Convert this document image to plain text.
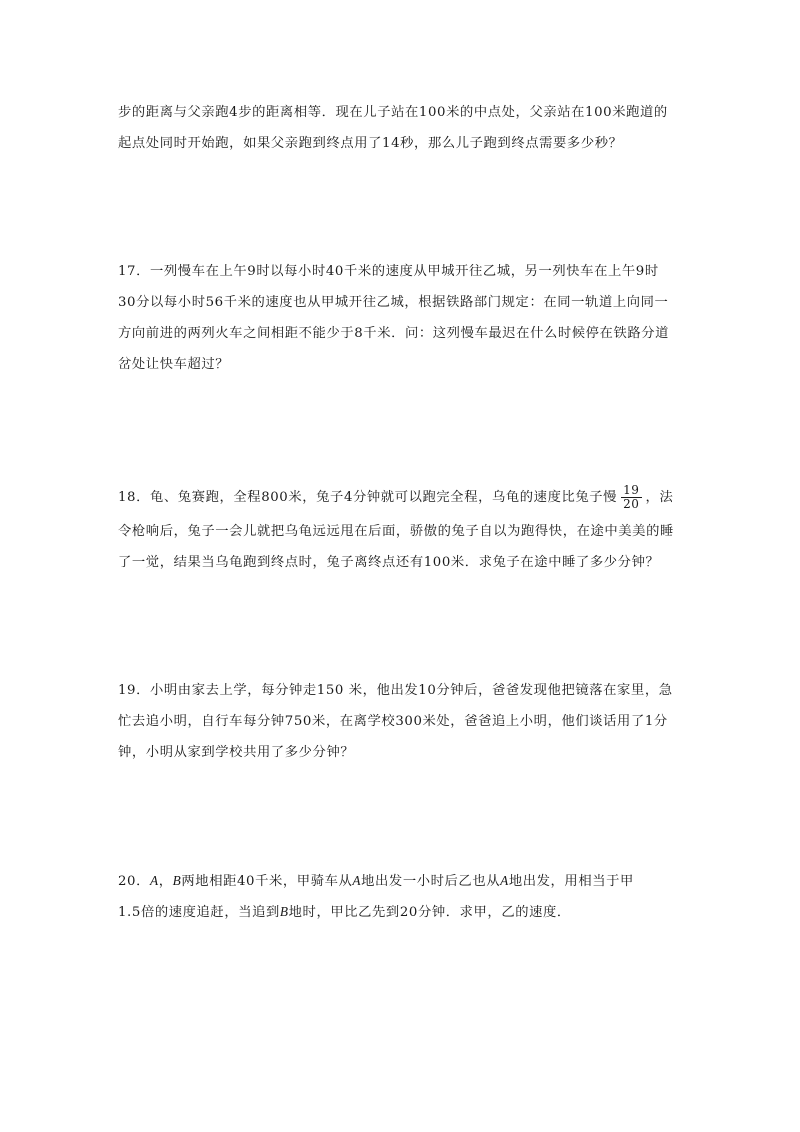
步的距离与父亲跑4步的距离相等．现在儿子站在100米的中点处，父亲站在100米跑道的
起点处同时开始跑，如果父亲跑到终点用了14秒，那么儿子跑到终点需要多少秒？
17．一列慢车在上午9时以每小时40千米的速度从甲城开往乙城，另一列快车在上午9时
30分以每小时56千米的速度也从甲城开往乙城，根据铁路部门规定：在同一轨道上向同一
方向前进的两列火车之间相距不能少于8千米．问：这列慢车最迟在什么时候停在铁路分道
岔处让快车超过？
18．龟、兔赛跑，全程800米，兔子4分钟就可以跑完全程，乌龟的速度比兔子慢 $\frac{19}{20}$ ，法
令枪响后，兔子一会儿就把乌龟远远甩在后面，骄傲的兔子自以为跑得快，在途中美美的睡
了一觉，结果当乌龟跑到终点时，兔子离终点还有100米．求兔子在途中睡了多少分钟？
19．小明由家去上学，每分钟走150 米，他出发10分钟后，爸爸发现他把镜落在家里，急
忙去追小明，自行车每分钟750米，在离学校300米处，爸爸追上小明，他们谈话用了1分
钟，小明从家到学校共用了多少分钟？
20．A，B两地相距40千米，甲骑车从A地出发一小时后乙也从A地出发，用相当于甲
1.5倍的速度追赶，当追到B地时，甲比乙先到20分钟．求甲，乙的速度．
